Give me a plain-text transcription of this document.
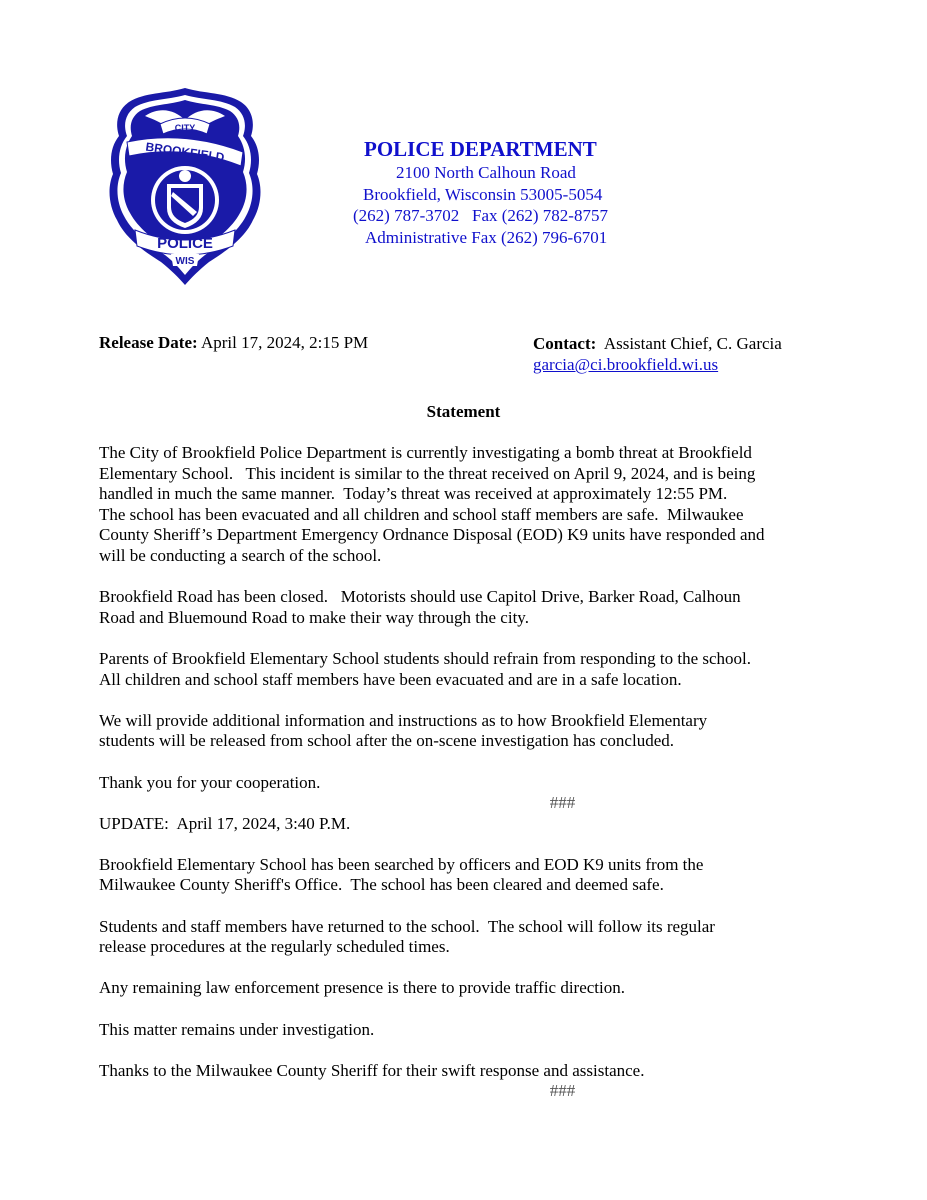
CITY
BROOKFIELD
POLICE
WIS
POLICE DEPARTMENT
2100 North Calhoun Road
Brookfield, Wisconsin 53005-5054
(262) 787-3702   Fax (262) 782-8757
Administrative Fax (262) 796-6701
Release Date: April 17, 2024, 2:15 PM	Contact:  Assistant Chief, C. Garcia
garcia@ci.brookfield.wi.us
Statement

The City of Brookfield Police Department is currently investigating a bomb threat at Brookfield
Elementary School.   This incident is similar to the threat received on April 9, 2024, and is being
handled in much the same manner.  Today’s threat was received at approximately 12:55 PM.
The school has been evacuated and all children and school staff members are safe.  Milwaukee
County Sheriff’s Department Emergency Ordnance Disposal (EOD) K9 units have responded and
will be conducting a search of the school.

Brookfield Road has been closed.   Motorists should use Capitol Drive, Barker Road, Calhoun
Road and Bluemound Road to make their way through the city.

Parents of Brookfield Elementary School students should refrain from responding to the school.
All children and school staff members have been evacuated and are in a safe location.

We will provide additional information and instructions as to how Brookfield Elementary
students will be released from school after the on-scene investigation has concluded.

Thank you for your cooperation.

###

UPDATE:  April 17, 2024, 3:40 P.M.

Brookfield Elementary School has been searched by officers and EOD K9 units from the
Milwaukee County Sheriff's Office.  The school has been cleared and deemed safe.

Students and staff members have returned to the school.  The school will follow its regular
release procedures at the regularly scheduled times.

Any remaining law enforcement presence is there to provide traffic direction.

This matter remains under investigation.

Thanks to the Milwaukee County Sheriff for their swift response and assistance.

###
